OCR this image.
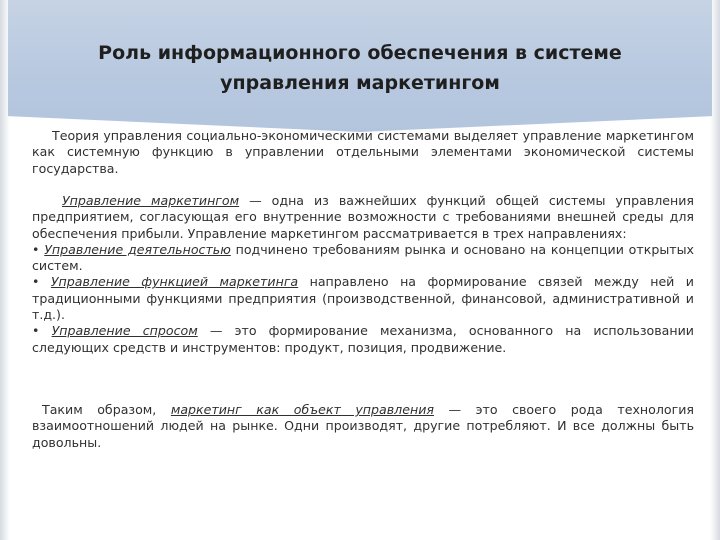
Роль информационного обеспечения в системе
управления маркетингом
Теория управления социально-экономическими системами выделяет управление маркетингом как системную функцию в управлении отдельными элементами экономической системы государства.
Управление маркетингом — одна из важнейших функций общей системы управления предприятием, согласующая его внутренние возможности с требованиями внешней среды для обеспечения прибыли. Управление маркетингом рассматривается в трех направлениях:
• Управление деятельностью подчинено требованиям рынка и основано на концепции открытых систем.
• Управление функцией маркетинга направлено на формирование связей между ней и традиционными функциями предприятия (производственной, финансовой, административной и т.д.).
• Управление спросом — это формирование механизма, основанного на использовании следующих средств и инструментов: продукт, позиция, продвижение.
Таким образом, маркетинг как объект управления — это своего рода технология взаимоотношений людей на рынке. Одни производят, другие потребляют. И все должны быть довольны.
